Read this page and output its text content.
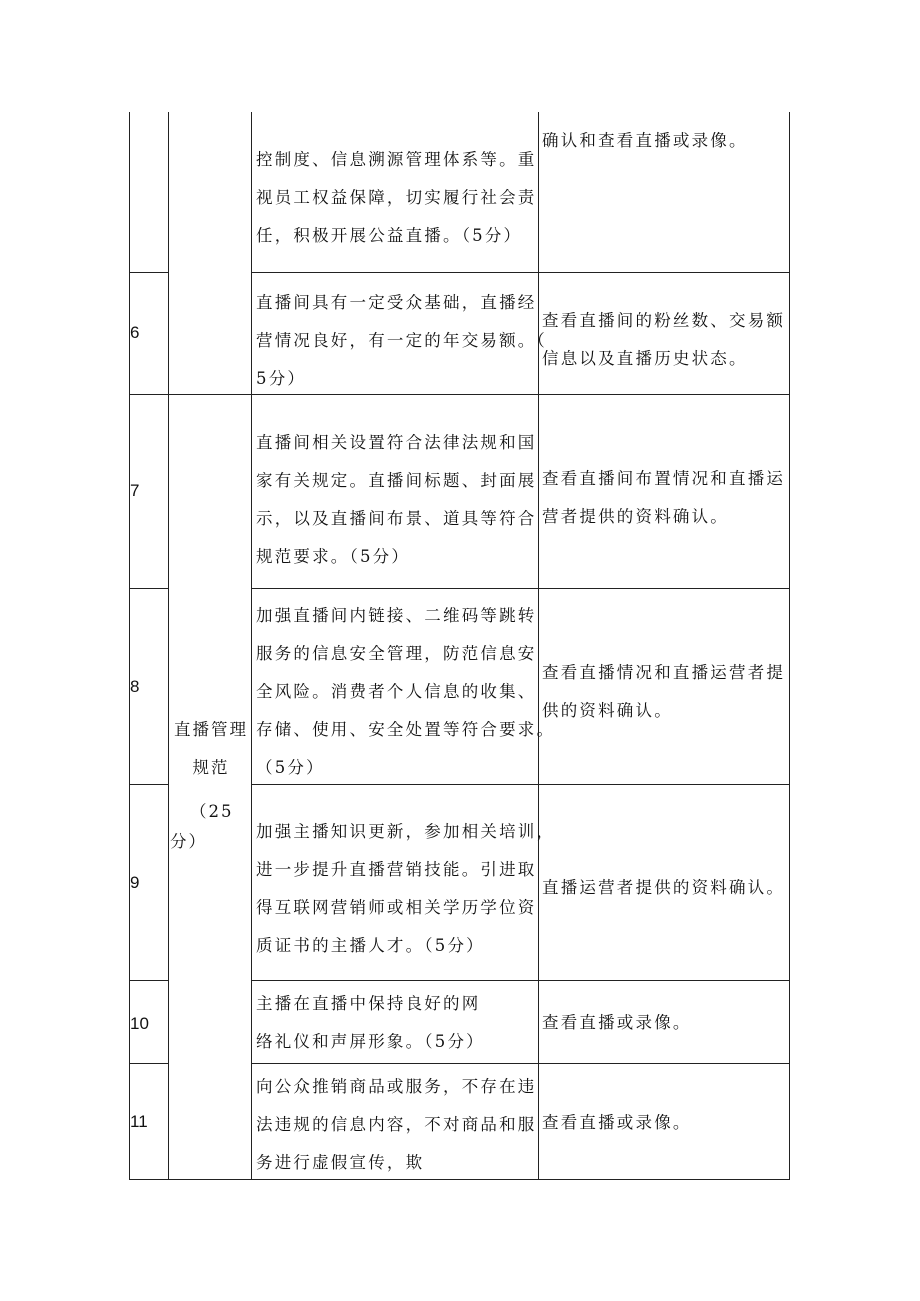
控制度、信息溯源管理体系等。重
视员工权益保障，切实履行社会责
任，积极开展公益直播。（5分）
确认和查看直播或录像。
6
直播间具有一定受众基础，直播经
营情况良好，有一定的年交易额。（
5分）
查看直播间的粉丝数、交易额
信息以及直播历史状态。
7
直播间相关设置符合法律法规和国
家有关规定。直播间标题、封面展
示，以及直播间布景、道具等符合
规范要求。（5分）
查看直播间布置情况和直播运
营者提供的资料确认。
8
加强直播间内链接、二维码等跳转
服务的信息安全管理，防范信息安
全风险。消费者个人信息的收集、
存储、使用、安全处置等符合要求。
（5分）
查看直播情况和直播运营者提
供的资料确认。
直播管理
规范
（25
分）
9
加强主播知识更新，参加相关培训，
进一步提升直播营销技能。引进取
得互联网营销师或相关学历学位资
质证书的主播人才。（5分）
直播运营者提供的资料确认。
10
主播在直播中保持良好的网
络礼仪和声屏形象。（5分）
查看直播或录像。
11
向公众推销商品或服务，不存在违
法违规的信息内容，不对商品和服
务进行虚假宣传，欺
查看直播或录像。
